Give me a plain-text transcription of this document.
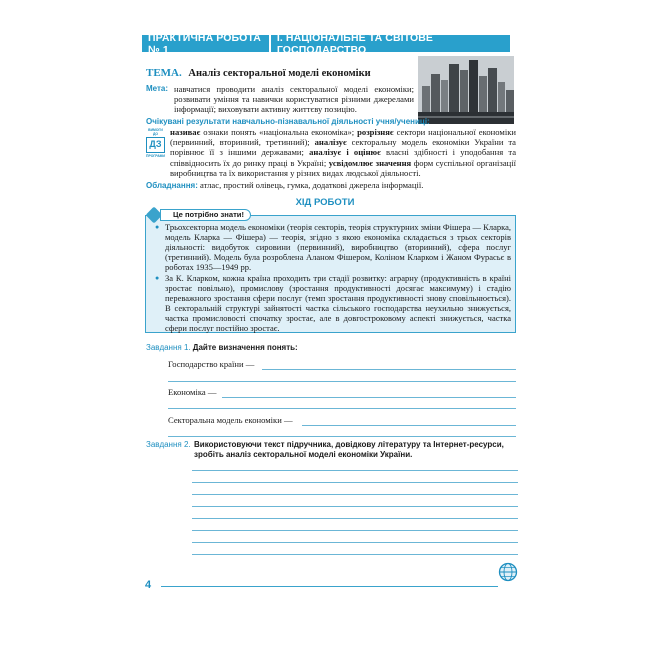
ПРАКТИЧНА РОБОТА № 1
I. НАЦІОНАЛЬНЕ ТА СВІТОВЕ ГОСПОДАРСТВО
ТЕМА. Аналіз секторальної моделі економіки
Мета: навчатися проводити аналіз секторальної моделі економіки; розвивати уміння та навички користуватися різними джерелами інформації; виховувати активну життєву позицію.
Очікувані результати навчально-пізнавальної діяльності учня/учениці:
ВИМОГИ ДО
ДЗ
ПРОГРАМИ
називає ознаки понять «національна економіка»; розрізняє сектори національної економіки (первинний, вторинний, третинний); аналізує секторальну модель економіки України та порівнює її з іншими державами; аналізує і оцінює власні здібності і уподобання та співвідносить їх до ринку праці в Україні; усвідомлює значення форм суспільної організації виробництва та їх використання у різних видах людської діяльності.
Обладнання: атлас, простий олівець, гумка, додаткові джерела інформації.
ХІД РОБОТИ
Це потрібно знати!
● Трьохсекторна модель економіки (теорія секторів, теорія структурних зміни Фішера — Кларка, модель Кларка — Фішера) — теорія, згідно з якою економіка складається з трьох секторів діяльності: видобуток сировини (первинний), виробництво (вторинний), сфера послуг (третинний). Модель була розроблена Аланом Фішером, Коліном Кларком і Жаном Фурасьє в роботах 1935—1949 рр.
● За К. Кларком, кожна країна проходить три стадії розвитку: аграрну (продуктивність в країні зростає повільно), промислову (зростання продуктивності досягає максимуму) і стадію переважного зростання сфери послуг (темп зростання продуктивності знову сповільнюється). В секторальній структурі зайнятості частка сільського господарства неухильно знижується, частка промисловості спочатку зростає, але в довгостроковому аспекті знижується, частка сфери послуг постійно зростає.
Завдання 1. Дайте визначення понять:
Господарство країни —
Економіка —
Секторальна модель економіки —
Завдання 2. Використовуючи текст підручника, довідкову літературу та Інтернет-ресурси, зробіть аналіз секторальної моделі економіки України.
4
